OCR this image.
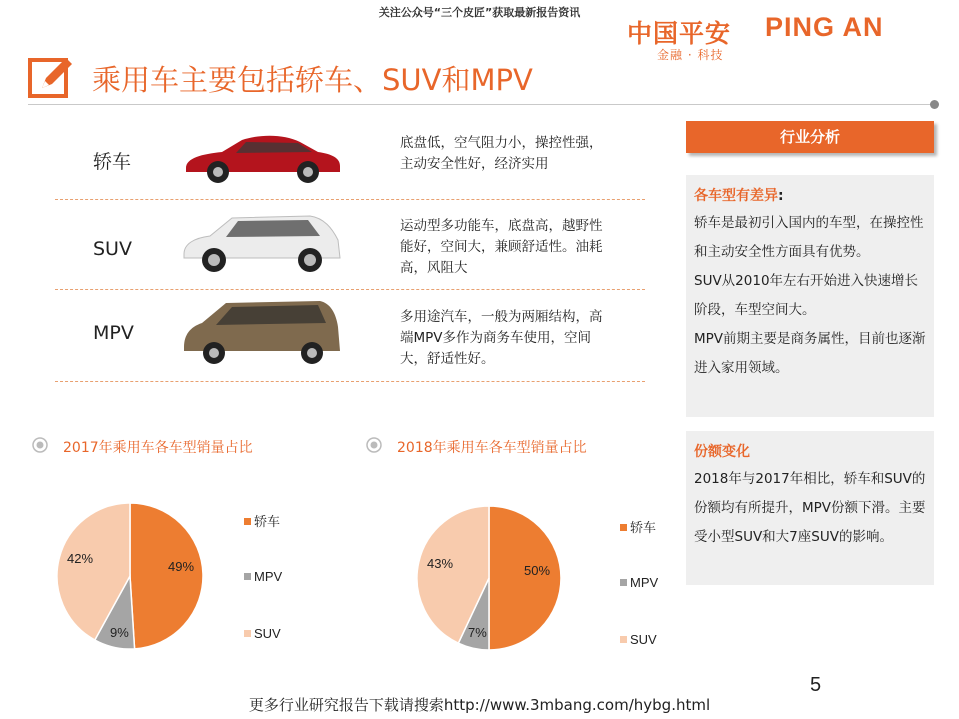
关注公众号“三个皮匠”获取最新报告资讯
中国平安 PING AN
金融 · 科技
乘用车主要包括轿车、SUV和MPV
轿车
底盘低，空气阻力小，操控性强，主动安全性好，经济实用
SUV
运动型多功能车，底盘高，越野性能好，空间大，兼顾舒适性。油耗高，风阻大
MPV
多用途汽车，一般为两厢结构，高端MPV多作为商务车使用，空间大，舒适性好。
行业分析
各车型有差异:
轿车是最初引入国内的车型，在操控性和主动安全性方面具有优势。
SUV从2010年左右开始进入快速增长阶段，车型空间大。
MPV前期主要是商务属性，目前也逐渐进入家用领域。
份额变化
2018年与2017年相比，轿车和SUV的份额均有所提升，MPV份额下滑。主要受小型SUV和大7座SUV的影响。
2017年乘用车各车型销量占比
49%
9%
42%
轿车
MPV
SUV
2018年乘用车各车型销量占比
50%
7%
43%
轿车
MPV
SUV
5
更多行业研究报告下载请搜索http://www.3mbang.com/hybg.html
